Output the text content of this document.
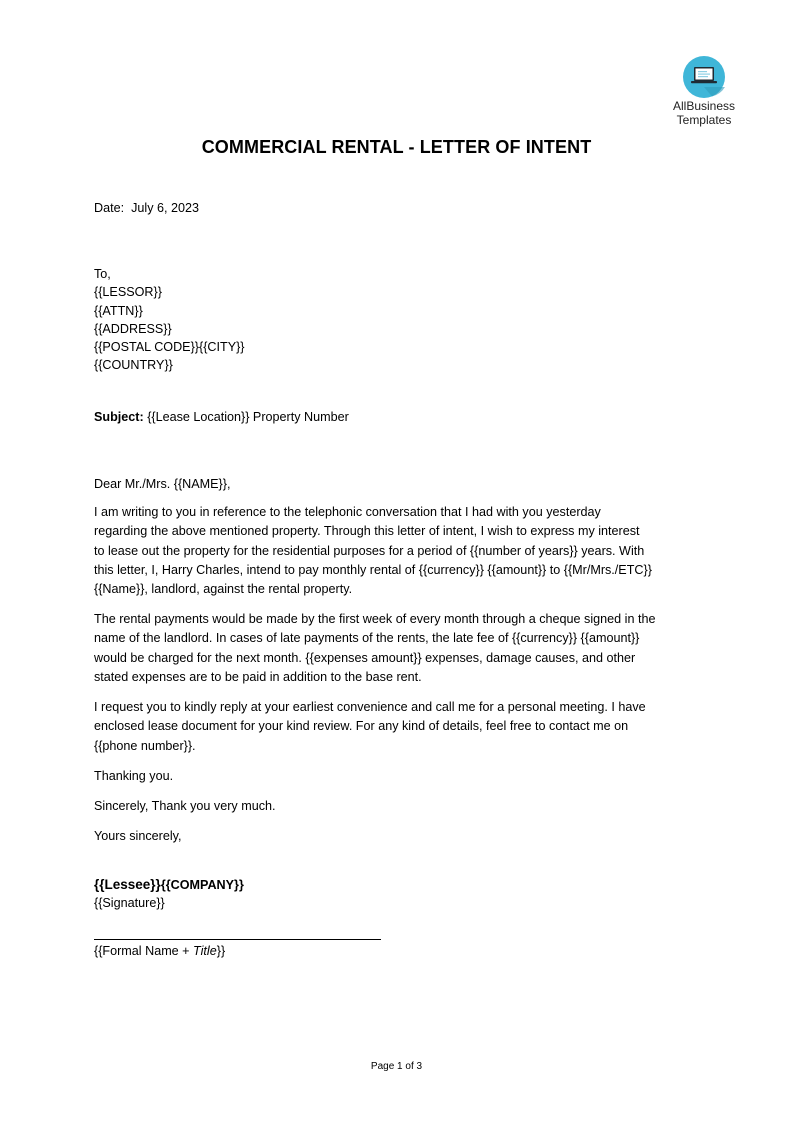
AllBusiness
Templates
COMMERCIAL RENTAL - LETTER OF INTENT
Date: July 6, 2023
To,
{{LESSOR}}
{{ATTN}}
{{ADDRESS}}
{{POSTAL CODE}}{{CITY}}
{{COUNTRY}}
Subject: {{Lease Location}} Property Number
Dear Mr./Mrs. {{NAME}},
I am writing to you in reference to the telephonic conversation that I had with you yesterday
regarding the above mentioned property. Through this letter of intent, I wish to express my interest
to lease out the property for the residential purposes for a period of {{number of years}} years. With
this letter, I, Harry Charles, intend to pay monthly rental of {{currency}} {{amount}} to {{Mr/Mrs./ETC}}
{{Name}}, landlord, against the rental property.
The rental payments would be made by the first week of every month through a cheque signed in the
name of the landlord. In cases of late payments of the rents, the late fee of {{currency}} {{amount}}
would be charged for the next month. {{expenses amount}} expenses, damage causes, and other
stated expenses are to be paid in addition to the base rent.
I request you to kindly reply at your earliest convenience and call me for a personal meeting. I have
enclosed lease document for your kind review. For any kind of details, feel free to contact me on
{{phone number}}.
Thanking you.
Sincerely, Thank you very much.
Yours sincerely,
{{Lessee}}{{COMPANY}}
{{Signature}}
{{Formal Name + Title}}
Page 1 of 3
